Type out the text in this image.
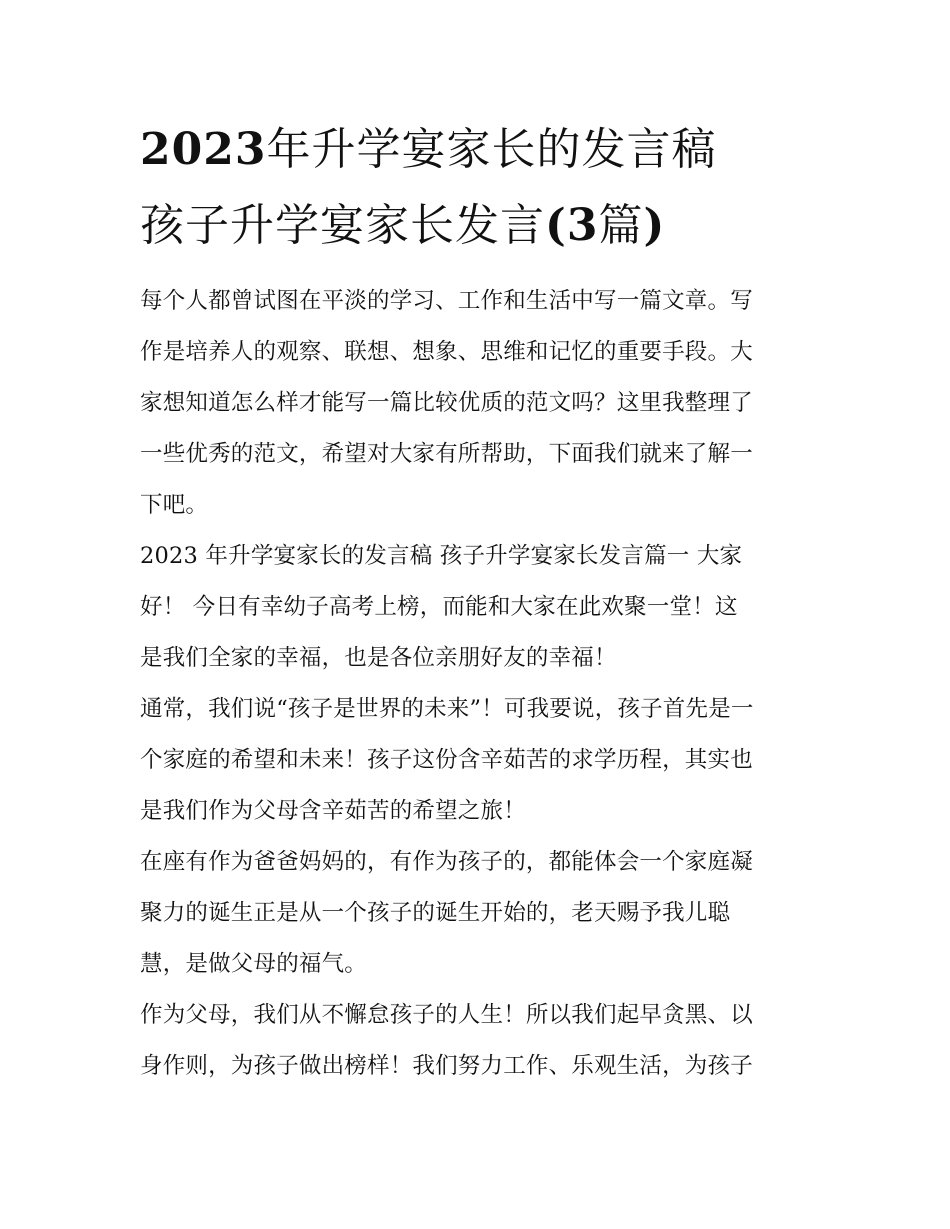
2023年升学宴家长的发言稿
孩子升学宴家长发言(3篇)
每个人都曾试图在平淡的学习、工作和生活中写一篇文章。写
作是培养人的观察、联想、想象、思维和记忆的重要手段。大
家想知道怎么样才能写一篇比较优质的范文吗？这里我整理了
一些优秀的范文，希望对大家有所帮助，下面我们就来了解一
下吧。
2023 年升学宴家长的发言稿 孩子升学宴家长发言篇一 大家
好！ 今日有幸幼子高考上榜，而能和大家在此欢聚一堂！这
是我们全家的幸福，也是各位亲朋好友的幸福！
通常，我们说“孩子是世界的未来”！可我要说，孩子首先是一
个家庭的希望和未来！孩子这份含辛茹苦的求学历程，其实也
是我们作为父母含辛茹苦的希望之旅！
在座有作为爸爸妈妈的，有作为孩子的，都能体会一个家庭凝
聚力的诞生正是从一个孩子的诞生开始的，老天赐予我儿聪
慧，是做父母的福气。
作为父母，我们从不懈怠孩子的人生！所以我们起早贪黑、以
身作则，为孩子做出榜样！我们努力工作、乐观生活，为孩子
